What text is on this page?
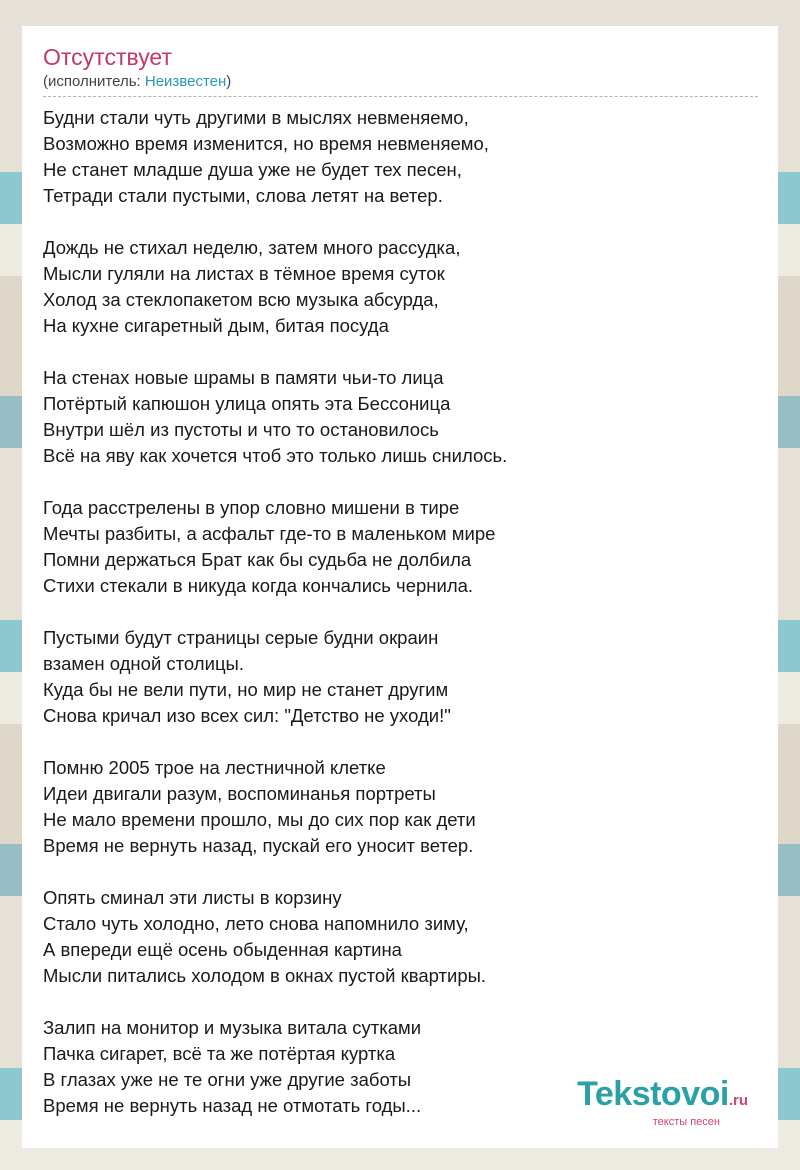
Отсутствует
(исполнитель: Неизвестен)
Будни стали чуть другими в мыслях невменяемо,
Возможно время изменится, но время невменяемо,
Не станет младше душа уже не будет тех песен,
Тетради стали пустыми, слова летят на ветер.
Дождь не стихал неделю, затем много рассудка,
Мысли гуляли на листах в тёмное время суток
Холод за стеклопакетом всю музыка абсурда,
На кухне сигаретный дым, битая посуда
На стенах новые шрамы в памяти чьи-то лица
Потёртый капюшон улица опять эта Бессоница
Внутри шёл из пустоты и что то остановилось
Всё на яву как хочется чтоб это только лишь снилось.
Года расстрелены в упор словно мишени в тире
Мечты разбиты, а асфальт где-то в маленьком мире
Помни держаться Брат как бы судьба не долбила
Стихи стекали в никуда когда кончались чернила.
Пустыми будут страницы серые будни окраин
взамен одной столицы.
Куда бы не вели пути, но мир не станет другим
Снова кричал изо всех сил: "Детство не уходи!"
Помню 2005 трое на лестничной клетке
Идеи двигали разум, воспоминанья портреты
Не мало времени прошло, мы до сих пор как дети
Время не вернуть назад, пускай его уносит ветер.
Опять сминал эти листы в корзину
Стало чуть холодно, лето снова напомнило зиму,
А впереди ещё осень обыденная картина
Мысли питались холодом в окнах пустой квартиры.
Залип на монитор и музыка витала сутками
Пачка сигарет, всё та же потёртая куртка
В глазах уже не те огни уже другие заботы
Время не вернуть назад не отмотать годы...	Tekstovoi.ru
тексты песен
